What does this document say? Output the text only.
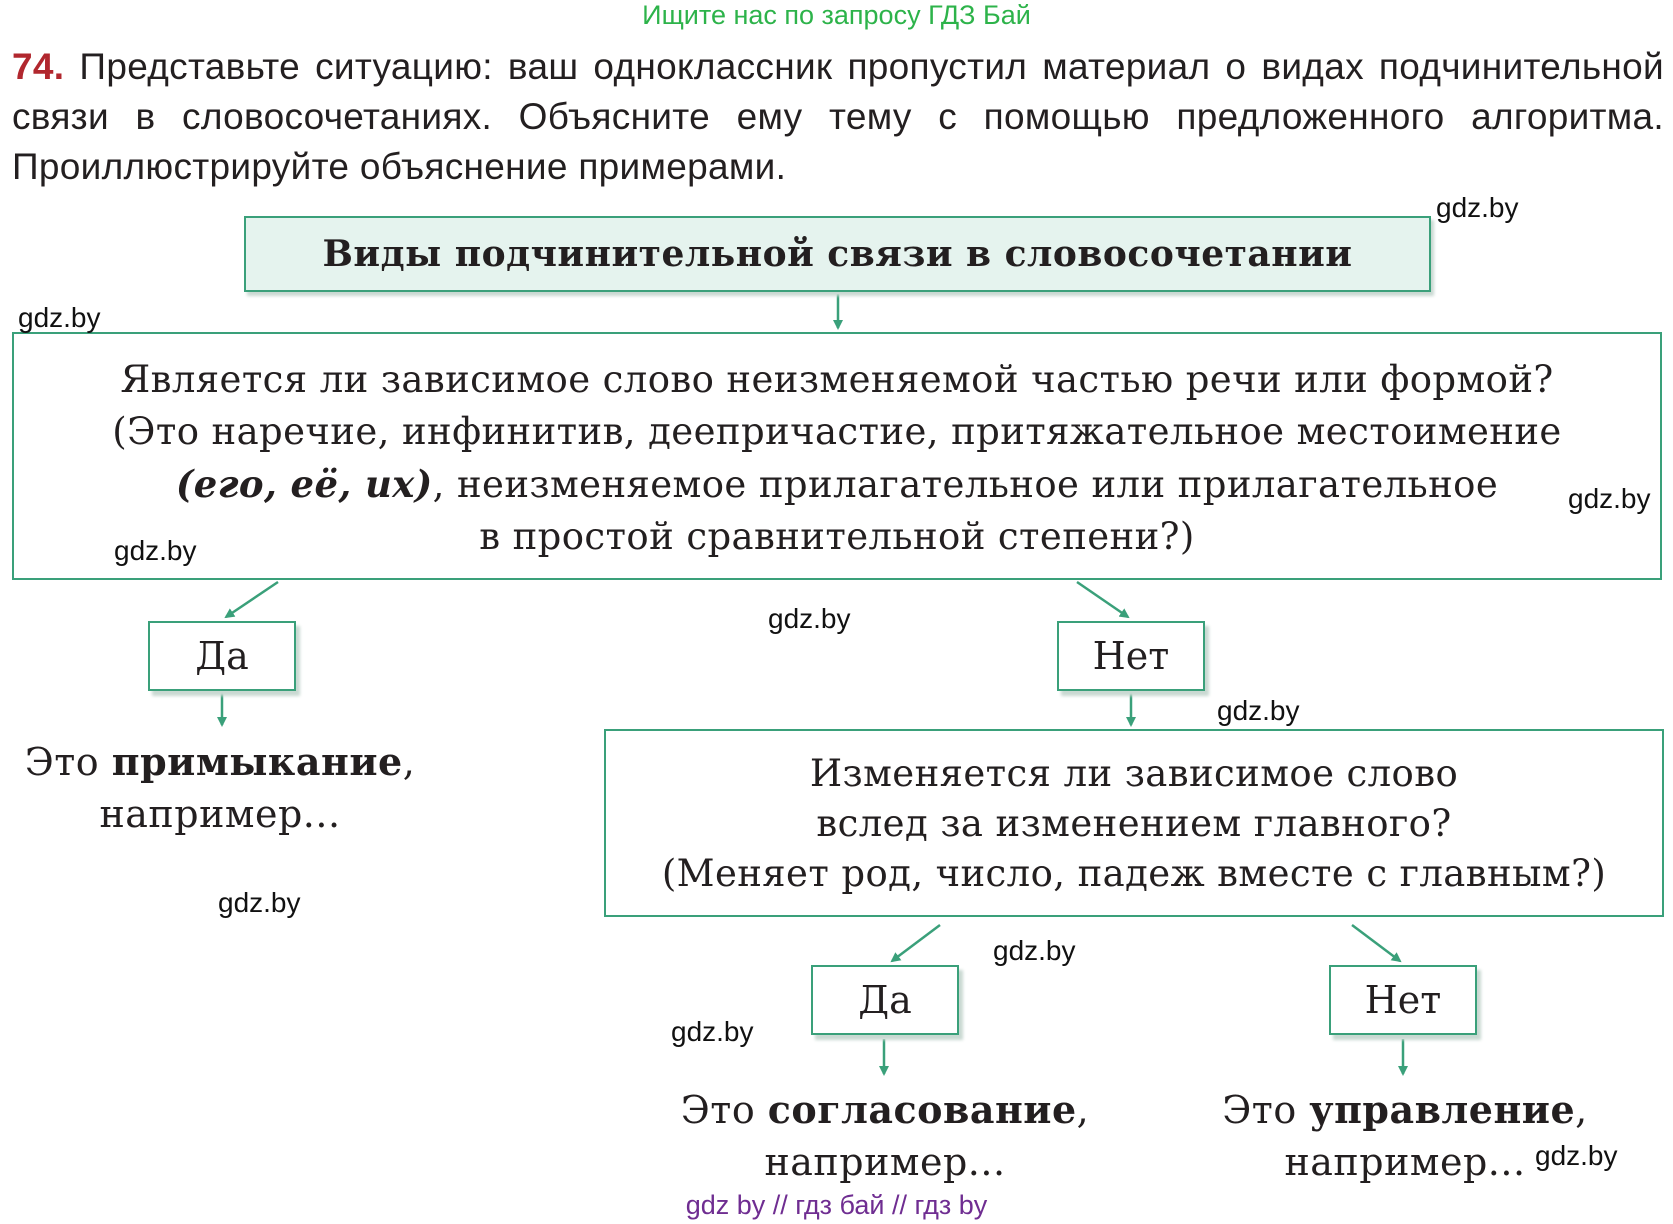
Ищите нас по запросу ГДЗ Бай
74. Представьте ситуацию: ваш одноклассник пропустил материал о видах подчинительной связи в словосочетаниях. Объясните ему тему с помощью предложенного алгоритма. Проиллюстрируйте объяснение примерами.
Виды подчинительной связи в словосочетании
Является ли зависимое слово неизменяемой частью речи или формой?
(Это наречие, инфинитив, деепричастие, притяжательное местоимение
(его, её, их), неизменяемое прилагательное или прилагательное
в простой сравнительной степени?)
Да	Нет
Это примыкание,
например...
Изменяется ли зависимое слово
вслед за изменением главного?
(Меняет род, число, падеж вместе с главным?)
Да	Нет
Это согласование,
например...
Это управление,
например...
gdz.by
gdz.by
gdz.by
gdz.by
gdz.by
gdz.by
gdz.by
gdz.by
gdz.by
gdz.by
gdz by // гдз бай // гдз by
